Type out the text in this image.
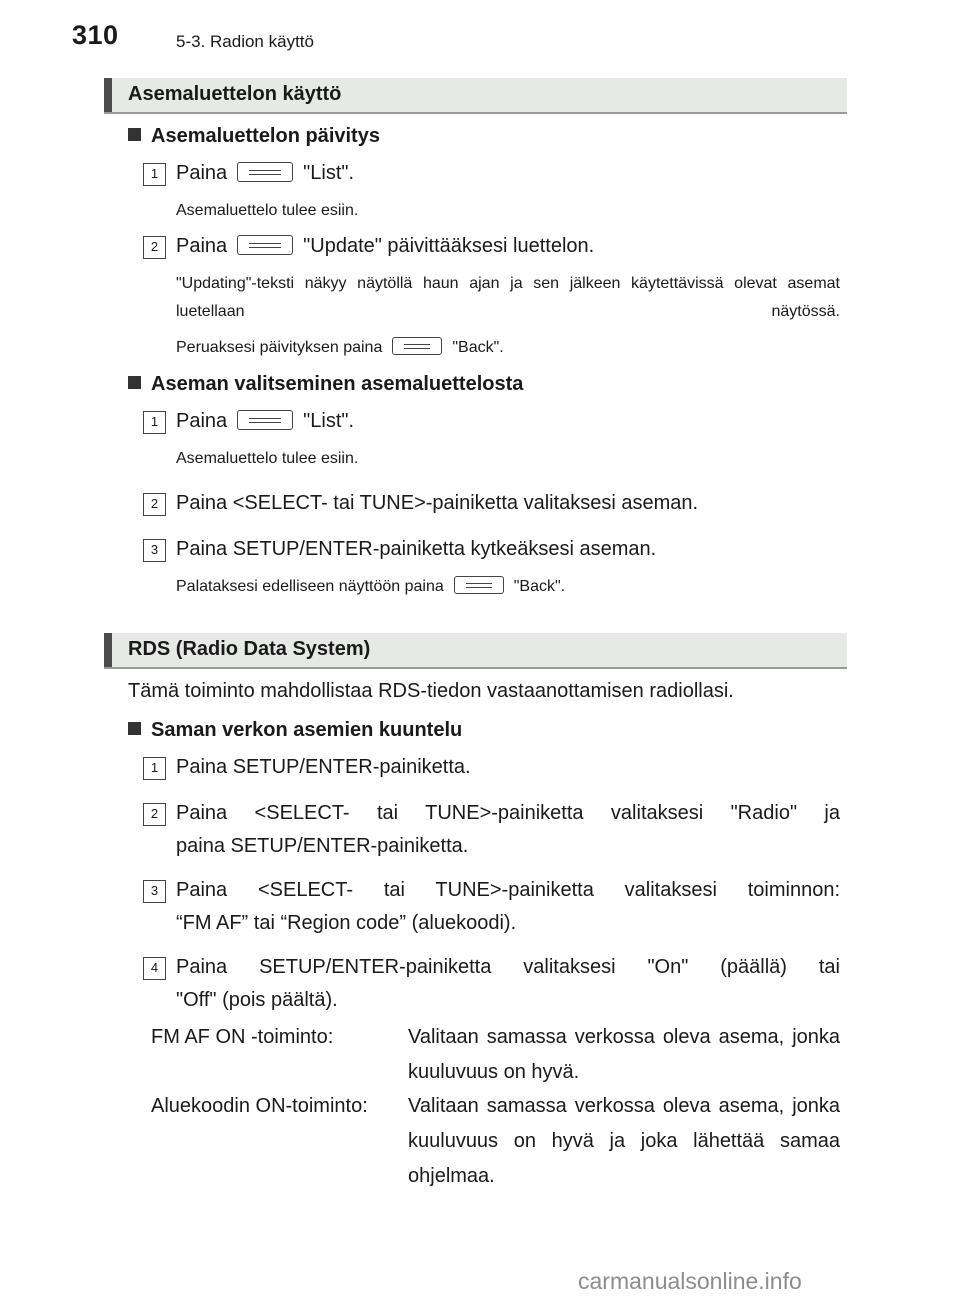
310	5-3. Radion käyttö
Asemaluettelon käyttö
Asemaluettelon päivitys
1 Paina	"List".
Asemaluettelo tulee esiin.
2 Paina	"Update" päivittääksesi luettelon.
"Updating"-teksti näkyy näytöllä haun ajan ja sen jälkeen käytettävissä olevat asemat luetellaan näytössä.
Peruaksesi päivityksen paina	"Back".
Aseman valitseminen asemaluettelosta
1 Paina	"List".
Asemaluettelo tulee esiin.
2 Paina <SELECT- tai TUNE>-painiketta valitaksesi aseman.
3 Paina SETUP/ENTER-painiketta kytkeäksesi aseman.
Palataksesi edelliseen näyttöön paina	"Back".
RDS (Radio Data System)
Tämä toiminto mahdollistaa RDS-tiedon vastaanottamisen radiollasi.
Saman verkon asemien kuuntelu
1 Paina SETUP/ENTER-painiketta.
2 Paina <SELECT- tai TUNE>-painiketta valitaksesi "Radio" ja
paina SETUP/ENTER-painiketta.
3 Paina <SELECT- tai TUNE>-painiketta valitaksesi toiminnon:
“FM AF” tai “Region code” (aluekoodi).
4 Paina SETUP/ENTER-painiketta valitaksesi "On" (päällä) tai
"Off" (pois päältä).
FM AF ON -toiminto:	Valitaan samassa verkossa oleva asema, jonka kuuluvuus on hyvä.
Aluekoodin ON-toiminto: Valitaan samassa verkossa oleva asema, jonka kuuluvuus on hyvä ja joka lähettää samaa ohjelmaa.
carmanualsonline.info
